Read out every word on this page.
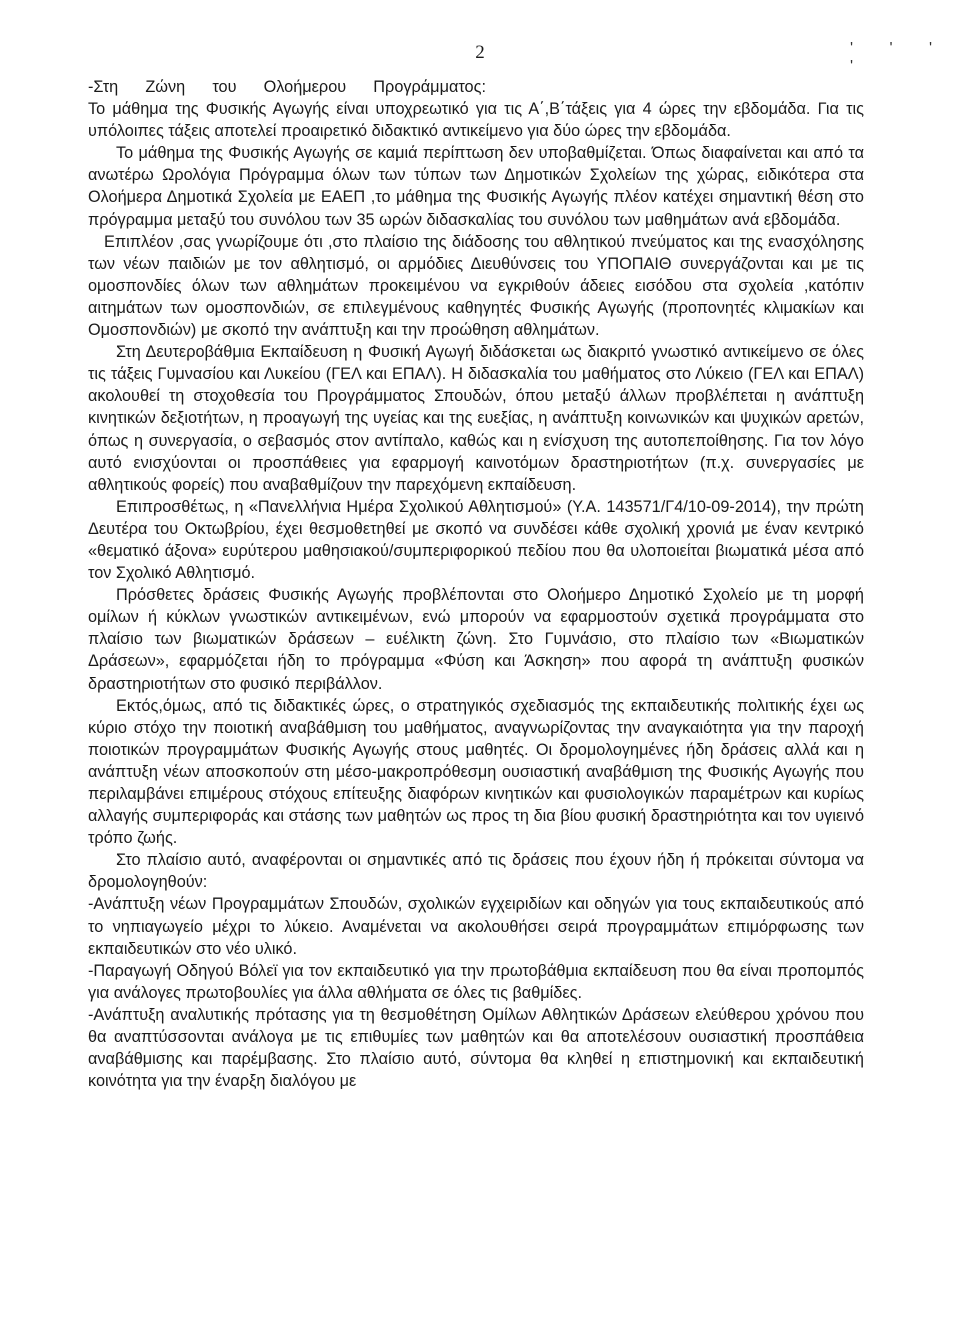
2	' ' ' '

-Στη      Ζώνη      του      Ολοήμερου      Προγράμματος:

Το μάθημα της Φυσικής Αγωγής είναι υποχρεωτικό για τις Α΄,Β΄τάξεις για 4 ώρες την εβδομάδα. Για τις υπόλοιπες τάξεις αποτελεί προαιρετικό διδακτικό αντικείμενο για δύο ώρες την εβδομάδα.

Το μάθημα της Φυσικής Αγωγής σε καμιά περίπτωση δεν υποβαθμίζεται. Όπως διαφαίνεται και από τα ανωτέρω Ωρολόγια Πρόγραμμα όλων των τύπων των Δημοτικών Σχολείων της χώρας, ειδικότερα στα Ολοήμερα Δημοτικά Σχολεία με ΕΑΕΠ ,το μάθημα της Φυσικής Αγωγής πλέον κατέχει σημαντική θέση στο πρόγραμμα μεταξύ του συνόλου των 35 ωρών διδασκαλίας του συνόλου των μαθημάτων ανά εβδομάδα.

Επιπλέον ,σας γνωρίζουμε ότι ,στο πλαίσιο της διάδοσης του αθλητικού πνεύματος και της ενασχόλησης των νέων παιδιών με τον αθλητισμό, οι αρμόδιες Διευθύνσεις του ΥΠΟΠΑΙΘ συνεργάζονται και με τις ομοσπονδίες όλων των αθλημάτων προκειμένου να εγκριθούν άδειες εισόδου στα σχολεία ,κατόπιν αιτημάτων των ομοσπονδιών, σε επιλεγμένους καθηγητές Φυσικής Αγωγής (προπονητές κλιμακίων και Ομοσπονδιών) με σκοπό την ανάπτυξη και την προώθηση αθλημάτων.

Στη Δευτεροβάθμια Εκπαίδευση η Φυσική Αγωγή διδάσκεται ως διακριτό γνωστικό αντικείμενο σε όλες τις τάξεις Γυμνασίου και Λυκείου (ΓΕΛ και ΕΠΑΛ). Η διδασκαλία του μαθήματος στο Λύκειο (ΓΕΛ και ΕΠΑΛ) ακολουθεί τη στοχοθεσία του Προγράμματος Σπουδών, όπου μεταξύ άλλων προβλέπεται η ανάπτυξη κινητικών δεξιοτήτων, η προαγωγή της υγείας και της ευεξίας, η ανάπτυξη κοινωνικών και ψυχικών αρετών, όπως η συνεργασία, ο σεβασμός στον αντίπαλο, καθώς και η ενίσχυση της αυτοπεποίθησης. Για τον λόγο αυτό ενισχύονται οι προσπάθειες για εφαρμογή καινοτόμων δραστηριοτήτων (π.χ. συνεργασίες με αθλητικούς φορείς) που αναβαθμίζουν την παρεχόμενη εκπαίδευση.

Επιπροσθέτως, η «Πανελλήνια Ημέρα Σχολικού Αθλητισμού» (Υ.Α. 143571/Γ4/10-09-2014), την πρώτη Δευτέρα του Οκτωβρίου, έχει θεσμοθετηθεί με σκοπό να συνδέσει κάθε σχολική χρονιά με έναν κεντρικό «θεματικό άξονα» ευρύτερου μαθησιακού/συμπεριφορικού πεδίου που θα υλοποιείται βιωματικά μέσα από τον Σχολικό Αθλητισμό.

Πρόσθετες δράσεις Φυσικής Αγωγής προβλέπονται στο Ολοήμερο Δημοτικό Σχολείο με τη μορφή ομίλων ή κύκλων γνωστικών αντικειμένων, ενώ μπορούν να εφαρμοστούν σχετικά προγράμματα στο πλαίσιο των βιωματικών δράσεων – ευέλικτη ζώνη. Στο Γυμνάσιο, στο πλαίσιο των «Βιωματικών Δράσεων», εφαρμόζεται ήδη το πρόγραμμα «Φύση και Άσκηση» που αφορά τη ανάπτυξη φυσικών δραστηριοτήτων στο φυσικό περιβάλλον.

Εκτός,όμως, από τις διδακτικές ώρες, ο στρατηγικός σχεδιασμός της εκπαιδευτικής πολιτικής έχει ως κύριο στόχο την ποιοτική αναβάθμιση του μαθήματος, αναγνωρίζοντας την αναγκαιότητα για την παροχή ποιοτικών προγραμμάτων Φυσικής Αγωγής στους μαθητές. Οι δρομολογημένες ήδη δράσεις αλλά και η ανάπτυξη νέων αποσκοπούν στη μέσο-μακροπρόθεσμη ουσιαστική αναβάθμιση της Φυσικής Αγωγής που περιλαμβάνει επιμέρους στόχους επίτευξης διαφόρων κινητικών και φυσιολογικών παραμέτρων και κυρίως αλλαγής συμπεριφοράς και στάσης των μαθητών ως προς τη δια βίου φυσική δραστηριότητα και τον υγιεινό τρόπο ζωής.

Στο πλαίσιο αυτό, αναφέρονται οι σημαντικές από τις δράσεις που έχουν ήδη ή πρόκειται σύντομα να δρομολογηθούν:

-Ανάπτυξη νέων Προγραμμάτων Σπουδών, σχολικών εγχειριδίων και οδηγών για τους εκπαιδευτικούς από το νηπιαγωγείο μέχρι το λύκειο. Αναμένεται να ακολουθήσει σειρά προγραμμάτων επιμόρφωσης των εκπαιδευτικών στο νέο υλικό.

-Παραγωγή Οδηγού Βόλεϊ για τον εκπαιδευτικό για την πρωτοβάθμια εκπαίδευση που θα είναι προπομπός για ανάλογες πρωτοβουλίες για άλλα αθλήματα σε όλες τις βαθμίδες.

-Ανάπτυξη αναλυτικής πρότασης για τη θεσμοθέτηση Ομίλων Αθλητικών Δράσεων ελεύθερου χρόνου που θα αναπτύσσονται ανάλογα με τις επιθυμίες των μαθητών και θα αποτελέσουν ουσιαστική προσπάθεια αναβάθμισης και παρέμβασης. Στο πλαίσιο αυτό, σύντομα θα κληθεί η επιστημονική και εκπαιδευτική κοινότητα για την έναρξη διαλόγου με
